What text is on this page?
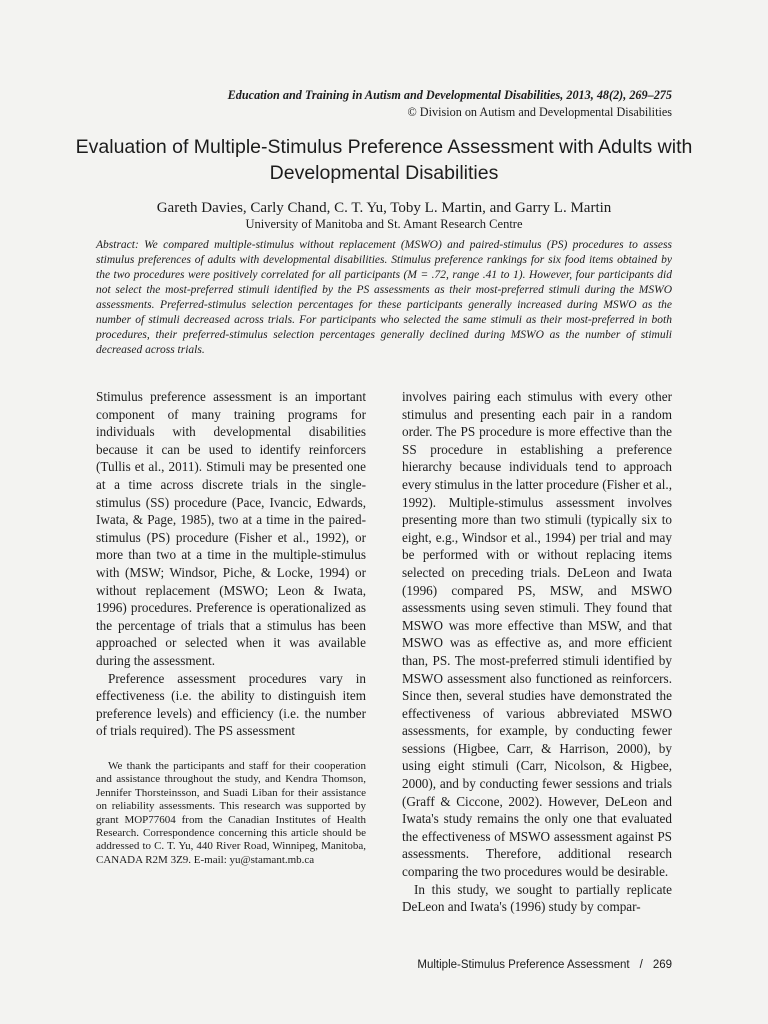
Education and Training in Autism and Developmental Disabilities, 2013, 48(2), 269–275
© Division on Autism and Developmental Disabilities
Evaluation of Multiple-Stimulus Preference Assessment with Adults with Developmental Disabilities
Gareth Davies, Carly Chand, C. T. Yu, Toby L. Martin, and Garry L. Martin
University of Manitoba and St. Amant Research Centre

Abstract: We compared multiple-stimulus without replacement (MSWO) and paired-stimulus (PS) procedures to assess stimulus preferences of adults with developmental disabilities. Stimulus preference rankings for six food items obtained by the two procedures were positively correlated for all participants (M = .72, range .41 to 1). However, four participants did not select the most-preferred stimuli identified by the PS assessments as their most-preferred stimuli during the MSWO assessments. Preferred-stimulus selection percentages for these participants generally increased during MSWO as the number of stimuli decreased across trials. For participants who selected the same stimuli as their most-preferred in both procedures, their preferred-stimulus selection percentages generally declined during MSWO as the number of stimuli decreased across trials.

Stimulus preference assessment is an important component of many training programs for individuals with developmental disabilities because it can be used to identify reinforcers (Tullis et al., 2011). Stimuli may be presented one at a time across discrete trials in the single-stimulus (SS) procedure (Pace, Ivancic, Edwards, Iwata, & Page, 1985), two at a time in the paired-stimulus (PS) procedure (Fisher et al., 1992), or more than two at a time in the multiple-stimulus with (MSW; Windsor, Piche, & Locke, 1994) or without replacement (MSWO; Leon & Iwata, 1996) procedures. Preference is operationalized as the percentage of trials that a stimulus has been approached or selected when it was available during the assessment.

Preference assessment procedures vary in effectiveness (i.e. the ability to distinguish item preference levels) and efficiency (i.e. the number of trials required). The PS assessment

We thank the participants and staff for their cooperation and assistance throughout the study, and Kendra Thomson, Jennifer Thorsteinsson, and Suadi Liban for their assistance on reliability assessments. This research was supported by grant MOP77604 from the Canadian Institutes of Health Research. Correspondence concerning this article should be addressed to C. T. Yu, 440 River Road, Winnipeg, Manitoba, CANADA R2M 3Z9. E-mail: yu@stamant.mb.ca

involves pairing each stimulus with every other stimulus and presenting each pair in a random order. The PS procedure is more effective than the SS procedure in establishing a preference hierarchy because individuals tend to approach every stimulus in the latter procedure (Fisher et al., 1992). Multiple-stimulus assessment involves presenting more than two stimuli (typically six to eight, e.g., Windsor et al., 1994) per trial and may be performed with or without replacing items selected on preceding trials. DeLeon and Iwata (1996) compared PS, MSW, and MSWO assessments using seven stimuli. They found that MSWO was more effective than MSW, and that MSWO was as effective as, and more efficient than, PS. The most-preferred stimuli identified by MSWO assessment also functioned as reinforcers. Since then, several studies have demonstrated the effectiveness of various abbreviated MSWO assessments, for example, by conducting fewer sessions (Higbee, Carr, & Harrison, 2000), by using eight stimuli (Carr, Nicolson, & Higbee, 2000), and by conducting fewer sessions and trials (Graff & Ciccone, 2002). However, DeLeon and Iwata's study remains the only one that evaluated the effectiveness of MSWO assessment against PS assessments. Therefore, additional research comparing the two procedures would be desirable.

In this study, we sought to partially replicate DeLeon and Iwata's (1996) study by compar-

Multiple-Stimulus Preference Assessment / 269
